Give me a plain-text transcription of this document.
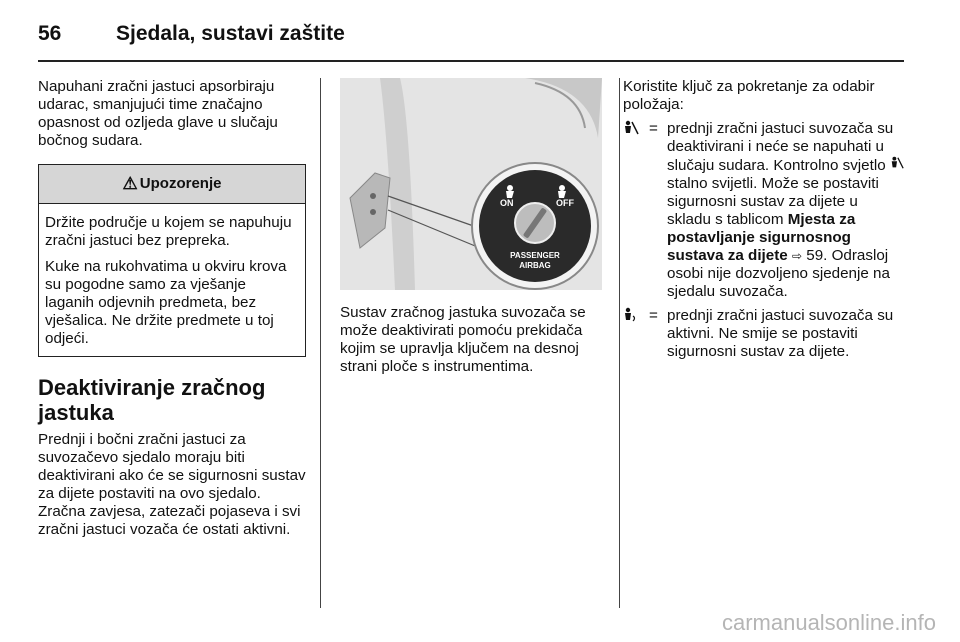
56	Sjedala, sustavi zaštite

Napuhani zračni jastuci apsorbiraju udarac, smanjujući time značajno opasnost od ozljeda glave u slučaju bočnog sudara.

⚠ Upozorenje

Držite područje u kojem se napuhuju zračni jastuci bez prepreka.

Kuke na rukohvatima u okviru krova su pogodne samo za vješanje laganih odjevnih predmeta, bez vješalica. Ne držite predmete u toj odjeći.

Deaktiviranje zračnog jastuka

Prednji i bočni zračni jastuci za suvozačevo sjedalo moraju biti deaktivirani ako će se sigurnosni sustav za dijete postaviti na ovo sjedalo. Zračna zavjesa, zatezači pojaseva i svi zračni jastuci vozača će ostati aktivni.

ON	OFF
PASSENGER
AIRBAG

Sustav zračnog jastuka suvozača se može deaktivirati pomoću prekidača kojim se upravlja ključem na desnoj strani ploče s instrumentima.

Koristite ključ za pokretanje za odabir položaja:

= prednji zračni jastuci suvozača su deaktivirani i neće se napuhati u slučaju sudara. Kontrolno svjetlo  stalno svijetli. Može se postaviti sigurnosni sustav za dijete u skladu s tablicom Mjesta za postavljanje sigurnosnog sustava za dijete ⇨ 59. Odrasloj osobi nije dozvoljeno sjedenje na sjedalu suvozača.
= prednji zračni jastuci suvozača su aktivni. Ne smije se postaviti sigurnosni sustav za dijete.
carmanualsonline.info
